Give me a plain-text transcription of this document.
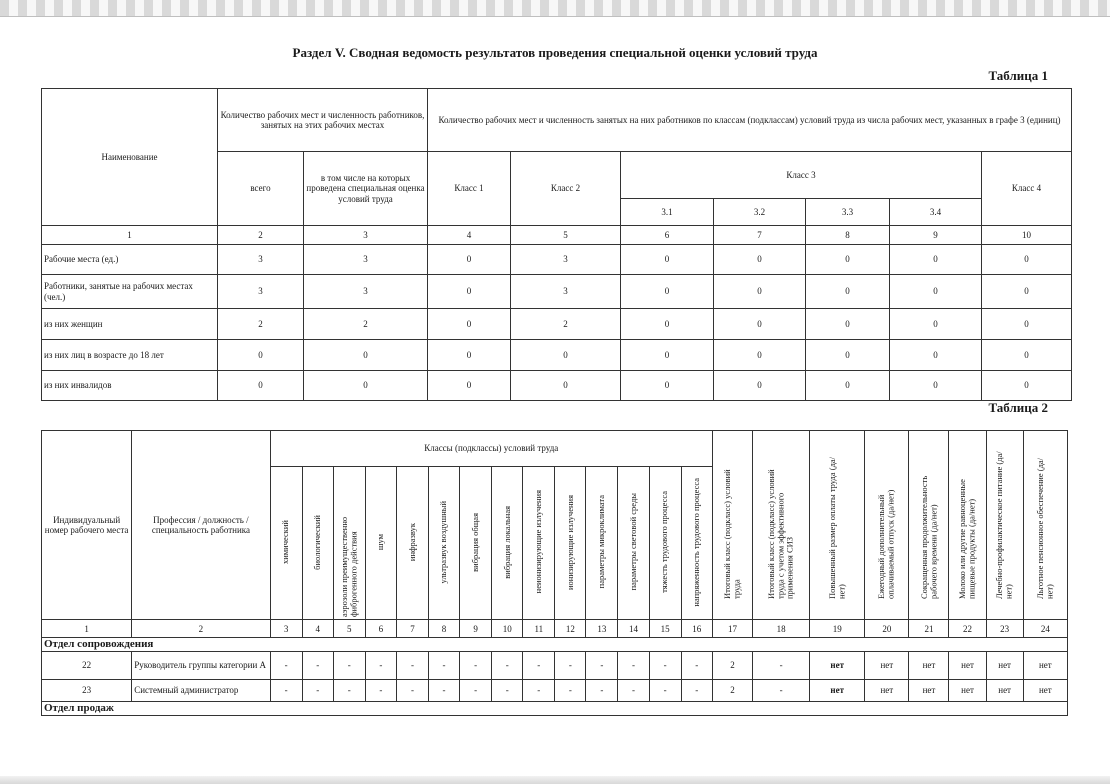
Раздел V. Сводная ведомость результатов проведения специальной оценки условий труда
Таблица 1
Наименование	Количество рабочих мест и численность работников, занятых на этих рабочих местах		Количество рабочих мест и численность занятых на них работников по классам (подклассам) условий труда из числа рабочих мест, указанных в графе 3 (единиц)						
	всего	в том числе на которых проведена специальная оценка условий труда	Класс 1	Класс 2	Класс 3				Класс 4
					3.1	3.2	3.3	3.4	
1	2	3	4	5	6	7	8	9	10
Рабочие места (ед.)	3	3	0	3	0	0	0	0	0
Работники, занятые на рабочих местах (чел.)	3	3	0	3	0	0	0	0	0
из них женщин	2	2	0	2	0	0	0	0	0
из них лиц в возрасте до 18 лет	0	0	0	0	0	0	0	0	0
из них инвалидов	0	0	0	0	0	0	0	0	0
Таблица 2
Индивидуальный номер рабочего места	Профессия / должность / специальность работника	Классы (подклассы) условий труда														Итоговый класс (подкласс) условий труда	Итоговый класс (подкласс) условий труда с учетом эффективного применения СИЗ	Повышенный размер оплаты труда (да/нет)	Ежегодный дополнительный оплачиваемый отпуск (да/нет)	Сокращенная продолжительность рабочего времени (да/нет)	Молоко или другие равноценные пищевые продукты (да/нет)	Лечебно-профилактическое питание (да/нет)	Льготное пенсионное обеспечение (да/нет)
		химический	биологический	аэрозоли преимущественно фиброгенного действия	шум	инфразвук	ультразвук воздушный	вибрация общая	вибрация локальная	неионизирующие излучения	ионизирующие излучения	параметры микроклимата	параметры световой среды	тяжесть трудового процесса	напряженность трудового процесса								
1	2	3	4	5	6	7	8	9	10	11	12	13	14	15	16	17	18	19	20	21	22	23	24
Отдел сопровождения																							
22	Руководитель группы категории А	-	-	-	-	-	-	-	-	-	-	-	-	-	-	2	-	нет	нет	нет	нет	нет	нет
23	Системный администратор	-	-	-	-	-	-	-	-	-	-	-	-	-	-	2	-	нет	нет	нет	нет	нет	нет
Отдел продаж																							
